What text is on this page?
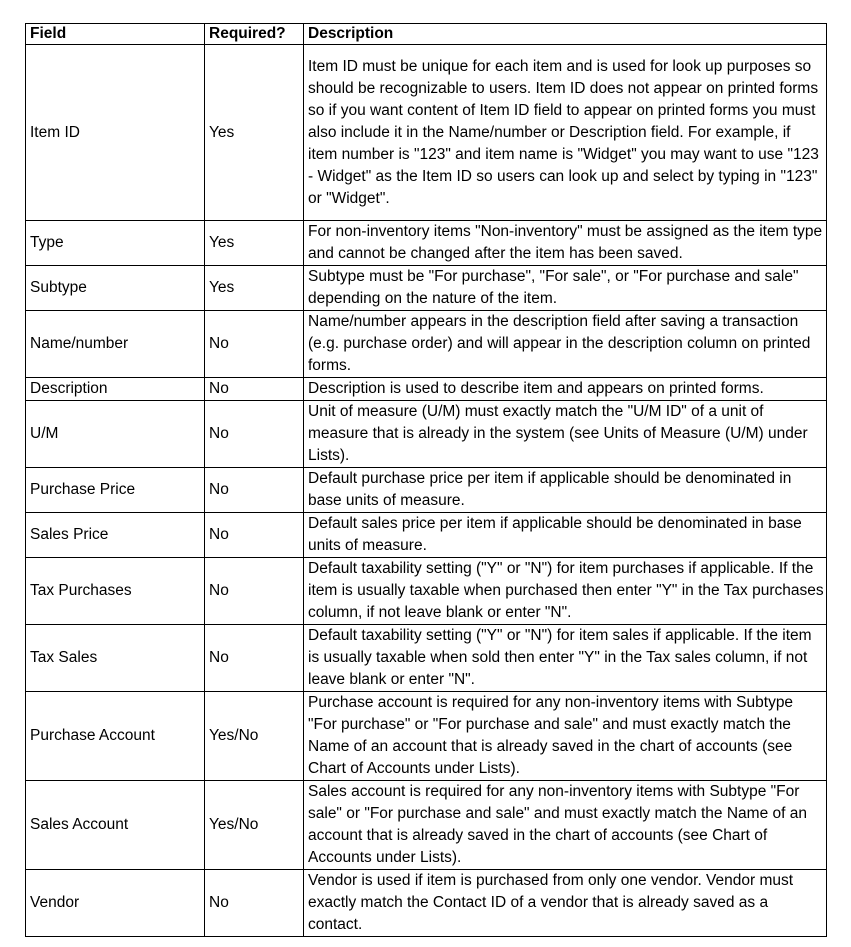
Field	Required?	Description
Item ID	Yes	Item ID must be unique for each item and is used for look up purposes so should be recognizable to users. Item ID does not appear on printed forms so if you want content of Item ID field to appear on printed forms you must also include it in the Name/number or Description field. For example, if item number is "123" and item name is "Widget" you may want to use "123 - Widget" as the Item ID so users can look up and select by typing in "123" or "Widget".
Type	Yes	For non-inventory items "Non-inventory" must be assigned as the item type and cannot be changed after the item has been saved.
Subtype	Yes	Subtype must be "For purchase", "For sale", or "For purchase and sale" depending on the nature of the item.
Name/number	No	Name/number appears in the description field after saving a transaction (e.g. purchase order) and will appear in the description column on printed forms.
Description	No	Description is used to describe item and appears on printed forms.
U/M	No	Unit of measure (U/M) must exactly match the "U/M ID" of a unit of measure that is already in the system (see Units of Measure (U/M) under Lists).
Purchase Price	No	Default purchase price per item if applicable should be denominated in base units of measure.
Sales Price	No	Default sales price per item if applicable should be denominated in base units of measure.
Tax Purchases	No	Default taxability setting ("Y" or "N") for item purchases if applicable. If the item is usually taxable when purchased then enter "Y" in the Tax purchases column, if not leave blank or enter "N".
Tax Sales	No	Default taxability setting ("Y" or "N") for item sales if applicable. If the item is usually taxable when sold then enter "Y" in the Tax sales column, if not leave blank or enter "N".
Purchase Account	Yes/No	Purchase account is required for any non-inventory items with Subtype "For purchase" or "For purchase and sale" and must exactly match the Name of an account that is already saved in the chart of accounts (see Chart of Accounts under Lists).
Sales Account	Yes/No	Sales account is required for any non-inventory items with Subtype "For sale" or "For purchase and sale" and must exactly match the Name of an account that is already saved in the chart of accounts (see Chart of Accounts under Lists).
Vendor	No	Vendor is used if item is purchased from only one vendor. Vendor must exactly match the Contact ID of a vendor that is already saved as a contact.
